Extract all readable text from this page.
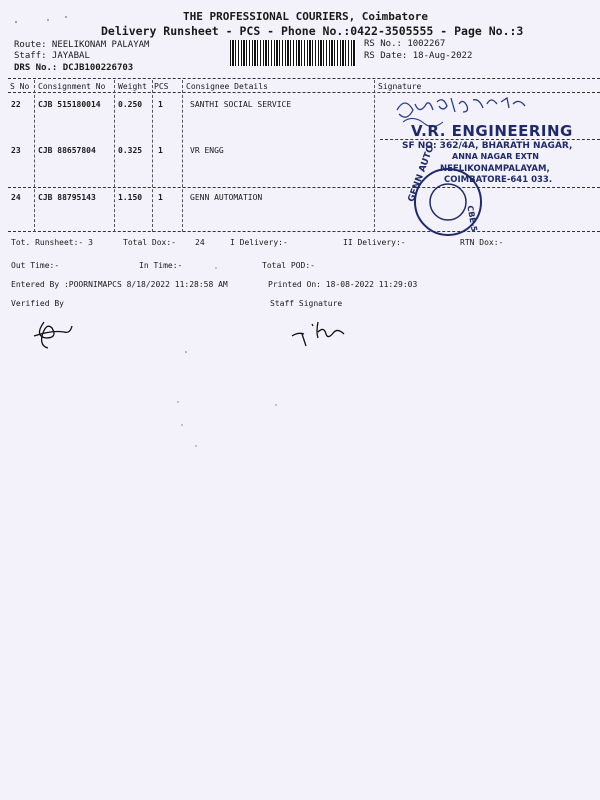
THE PROFESSIONAL COURIERS, Coimbatore
Delivery Runsheet - PCS - Phone No.:0422-3505555 - Page No.:3
Route: NEELIKONAM PALAYAM
Staff: JAYABAL
DRS No.: DCJB100226703
RS No.: 1002267
RS Date: 18-Aug-2022
S No Consignment No Weight PCS Consignee Details	Signature
22 CJB 515180014 0.250 1	SANTHI SOCIAL SERVICE
23 CJB 88657804	0.325 1	VR ENGG
24 CJB 88795143	1.150 1	GENN AUTOMATION
V.R. ENGINEERING
SF NO: 362/4A, BHARATH NAGAR,
ANNA NAGAR EXTN
NEELIKONAMPALAYAM,
COIMBATORE-641 033.
GENN AUTO
CBE-5
Tot. Runsheet:- 3	Total Dox:- 24	I Delivery:-	II Delivery:-	RTN Dox:-
Out Time:-	In Time:-	Total POD:-
Entered By :POORNIMAPCS 8/18/2022 11:28:58 AM	Printed On: 18-08-2022 11:29:03
Verified By	Staff Signature
